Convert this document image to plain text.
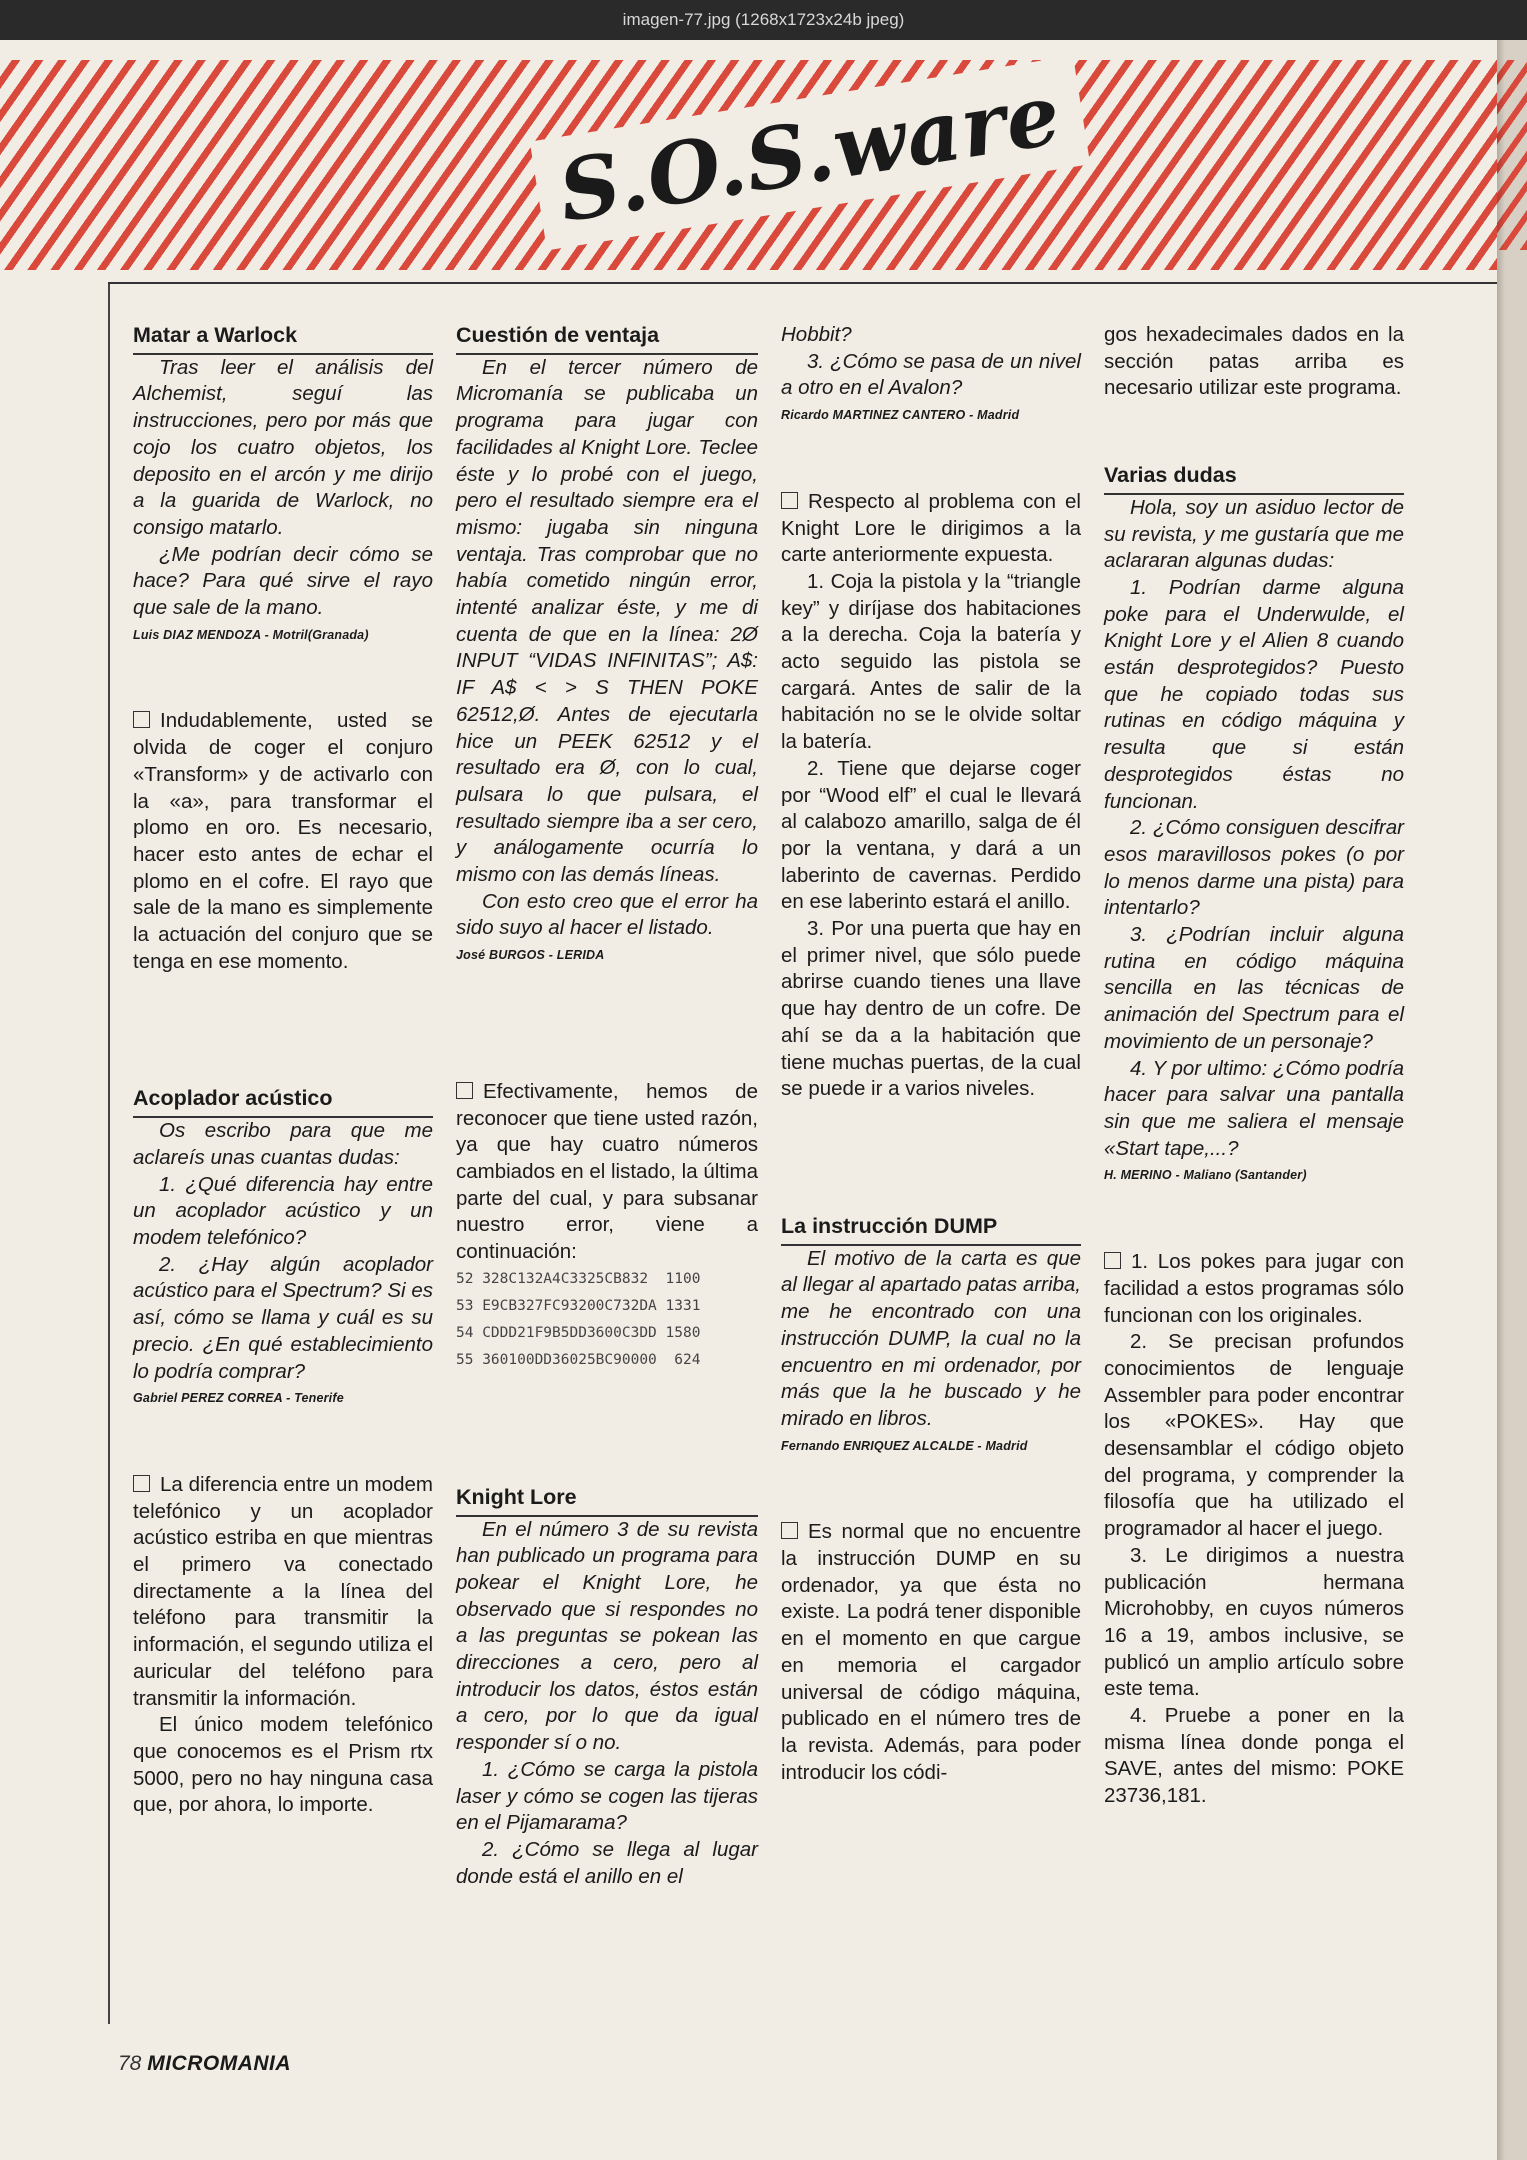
imagen-77.jpg (1268x1723x24b jpeg)
S.O.S.ware

Matar a Warlock

Tras leer el análisis del Alchemist, seguí las instrucciones, pero por más que cojo los cuatro objetos, los deposito en el arcón y me dirijo a la guarida de Warlock, no consigo matarlo.

¿Me podrían decir cómo se hace? Para qué sirve el rayo que sale de la mano.

Luis DIAZ MENDOZA - Motril(Granada)

Indudablemente, usted se olvida de coger el conjuro «Transform» y de activarlo con la «a», para transformar el plomo en oro. Es necesario, hacer esto antes de echar el plomo en el cofre. El rayo que sale de la mano es simplemente la actuación del conjuro que se tenga en ese momento.

Acoplador acústico

Os escribo para que me aclareís unas cuantas dudas:

1. ¿Qué diferencia hay entre un acoplador acústico y un modem telefónico?

2. ¿Hay algún acoplador acústico para el Spectrum? Si es así, cómo se llama y cuál es su precio. ¿En qué establecimiento lo podría comprar?

Gabriel PEREZ CORREA - Tenerife

La diferencia entre un modem telefónico y un acoplador acústico estriba en que mientras el primero va conectado directamente a la línea del teléfono para transmitir la información, el segundo utiliza el auricular del teléfono para transmitir la información.

El único modem telefónico que conocemos es el Prism rtx 5000, pero no hay ninguna casa que, por ahora, lo importe.

Cuestión de ventaja

En el tercer número de Micromanía se publicaba un programa para jugar con facilidades al Knight Lore. Teclee éste y lo probé con el juego, pero el resultado siempre era el mismo: jugaba sin ninguna ventaja. Tras comprobar que no había cometido ningún error, intenté analizar éste, y me di cuenta de que en la línea: 2Ø INPUT “VIDAS INFINITAS”; A$: IF A$ < > S THEN POKE 62512,Ø. Antes de ejecutarla hice un PEEK 62512 y el resultado era Ø, con lo cual, pulsara lo que pulsara, el resultado siempre iba a ser cero, y análogamente ocurría lo mismo con las demás líneas.

Con esto creo que el error ha sido suyo al hacer el listado.

José BURGOS - LERIDA

Efectivamente, hemos de reconocer que tiene usted razón, ya que hay cuatro números cambiados en el listado, la última parte del cual, y para subsanar nuestro error, viene a continuación:

52 328C132A4C3325CB832  1100
53 E9CB327FC93200C732DA 1331
54 CDDD21F9B5DD3600C3DD 1580
55 360100DD36025BC90000  624

Knight Lore

En el número 3 de su revista han publicado un programa para pokear el Knight Lore, he observado que si respondes no a las preguntas se pokean las direcciones a cero, pero al introducir los datos, éstos están a cero, por lo que da igual responder sí o no.

1. ¿Cómo se carga la pistola laser y cómo se cogen las tijeras en el Pijamarama?

2. ¿Cómo se llega al lugar donde está el anillo en el

Hobbit?

3. ¿Cómo se pasa de un nivel a otro en el Avalon?

Ricardo MARTINEZ CANTERO - Madrid

Respecto al problema con el Knight Lore le dirigimos a la carte anteriormente expuesta.

1. Coja la pistola y la “triangle key” y diríjase dos habitaciones a la derecha. Coja la batería y acto seguido las pistola se cargará. Antes de salir de la habitación no se le olvide soltar la batería.

2. Tiene que dejarse coger por “Wood elf” el cual le llevará al calabozo amarillo, salga de él por la ventana, y dará a un laberinto de cavernas. Perdido en ese laberinto estará el anillo.

3. Por una puerta que hay en el primer nivel, que sólo puede abrirse cuando tienes una llave que hay dentro de un cofre. De ahí se da a la habitación que tiene muchas puertas, de la cual se puede ir a varios niveles.

La instrucción DUMP

El motivo de la carta es que al llegar al apartado patas arriba, me he encontrado con una instrucción DUMP, la cual no la encuentro en mi ordenador, por más que la he buscado y he mirado en libros.

Fernando ENRIQUEZ ALCALDE - Madrid

Es normal que no encuentre la instrucción DUMP en su ordenador, ya que ésta no existe. La podrá tener disponible en el momento en que cargue en memoria el cargador universal de código máquina, publicado en el número tres de la revista. Además, para poder introducir los códi-

gos hexadecimales dados en la sección patas arriba es necesario utilizar este programa.

Varias dudas

Hola, soy un asiduo lector de su revista, y me gustaría que me aclararan algunas dudas:

1. Podrían darme alguna poke para el Underwulde, el Knight Lore y el Alien 8 cuando están desprotegidos? Puesto que he copiado todas sus rutinas en código máquina y resulta que si están desprotegidos éstas no funcionan.

2. ¿Cómo consiguen descifrar esos maravillosos pokes (o por lo menos darme una pista) para intentarlo?

3. ¿Podrían incluir alguna rutina en código máquina sencilla en las técnicas de animación del Spectrum para el movimiento de un personaje?

4. Y por ultimo: ¿Cómo podría hacer para salvar una pantalla sin que me saliera el mensaje «Start tape,...?

H. MERINO - Maliano (Santander)

1. Los pokes para jugar con facilidad a estos programas sólo funcionan con los originales.

2. Se precisan profundos conocimientos de lenguaje Assembler para poder encontrar los «POKES». Hay que desensamblar el código objeto del programa, y comprender la filosofía que ha utilizado el programador al hacer el juego.

3. Le dirigimos a nuestra publicación hermana Microhobby, en cuyos números 16 a 19, ambos inclusive, se publicó un amplio artículo sobre este tema.

4. Pruebe a poner en la misma línea donde ponga el SAVE, antes del mismo: POKE 23736,181.

78 MICROMANIA
